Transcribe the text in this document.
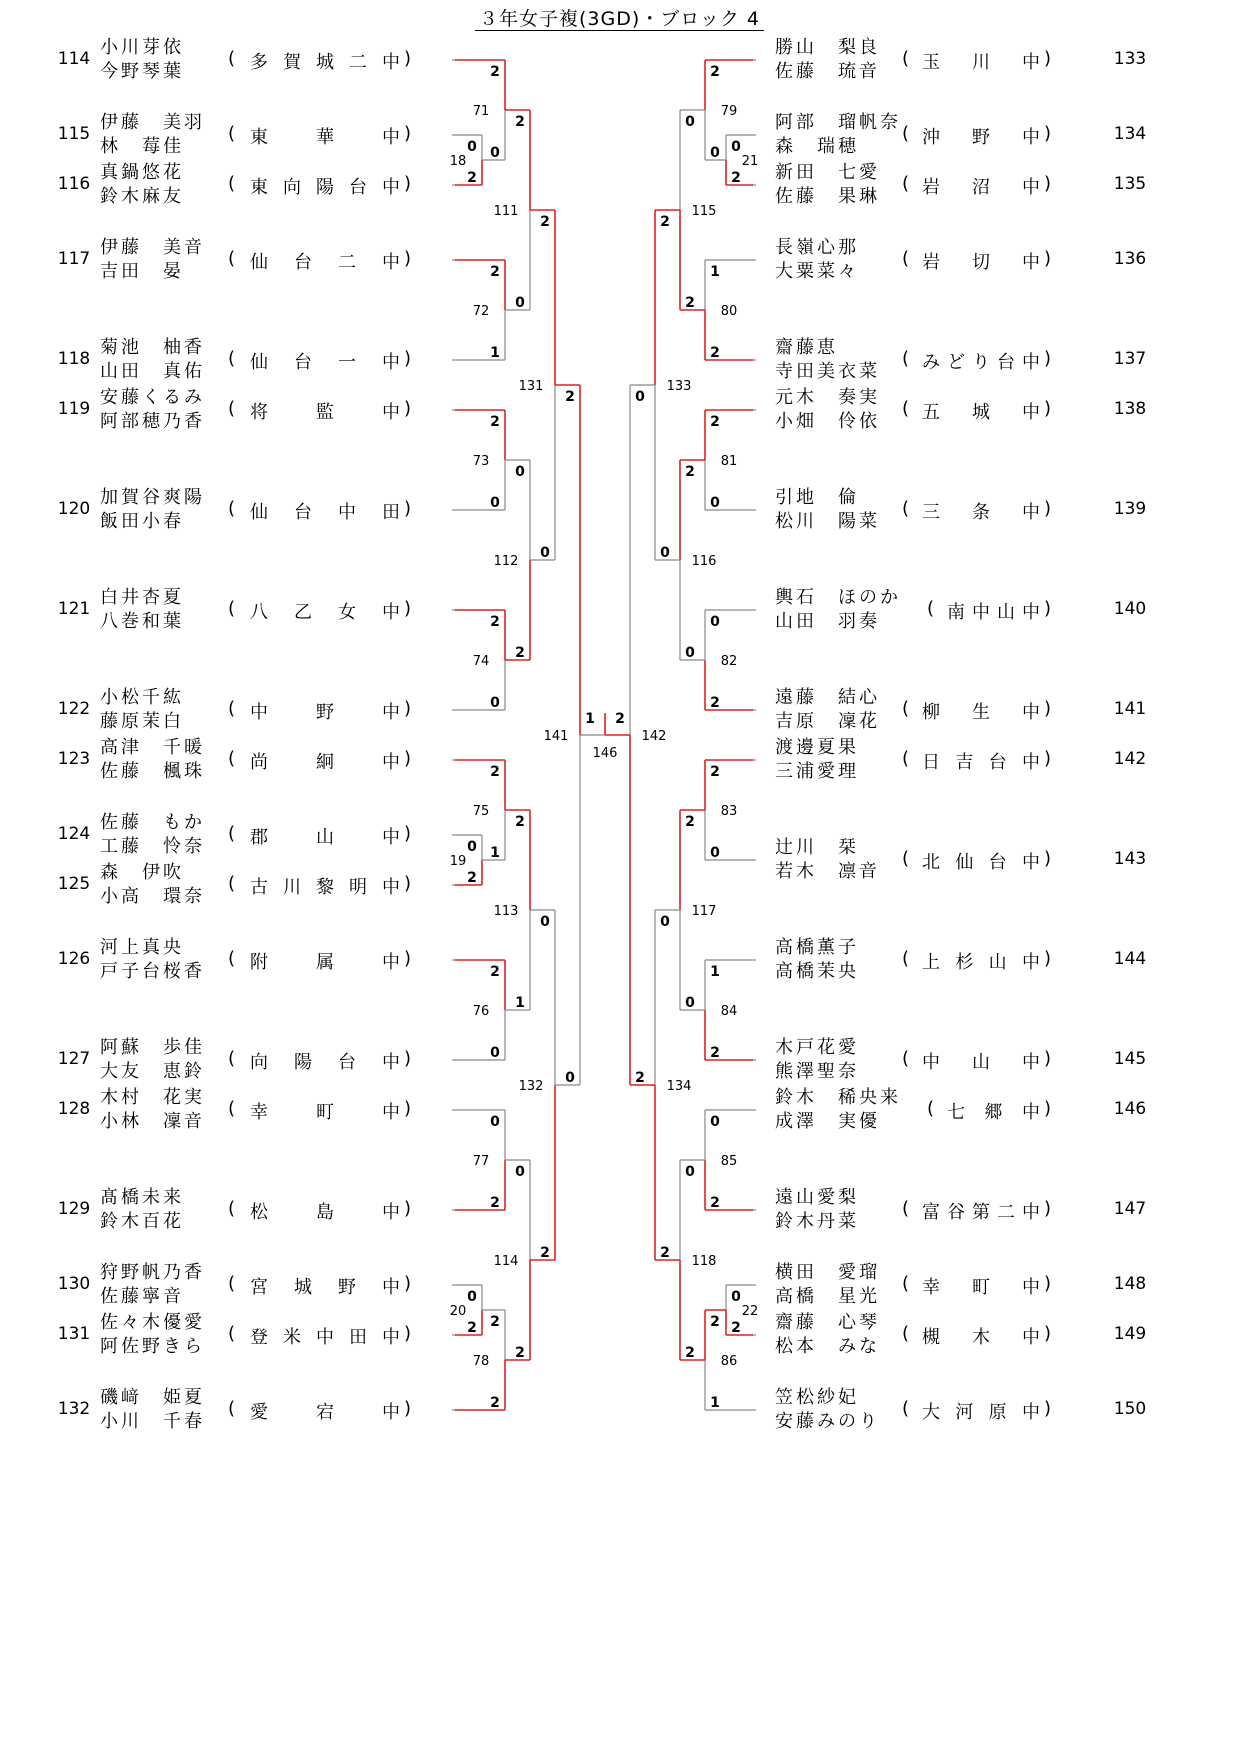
３年女子複(3GD)・ブロック 4
114
小川芽依
今野琴葉
( 多賀城二中 )
115
伊藤　美羽
林　莓佳
( 東華中 )
116
真鍋悠花
鈴木麻友
( 東向陽台中 )
117
伊藤　美音
吉田　晏
( 仙台二中 )
118
菊池　柚香
山田　真佑
( 仙台一中 )
119
安藤くるみ
阿部穂乃香
( 将監中 )
120
加賀谷爽陽
飯田小春
( 仙台中田 )
121
白井杏夏
八巻和葉
( 八乙女中 )
122
小松千紘
藤原茉白
( 中野中 )
123
高津　千暖
佐藤　楓珠
( 尚絅中 )
124
佐藤　もか
工藤　怜奈
( 郡山中 )
125
森　伊吹
小高　環奈
( 古川黎明中 )
126
河上真央
戸子台桜香
( 附属中 )
127
阿蘇　歩佳
大友　恵鈴
( 向陽台中 )
128
木村　花実
小林　凜音
( 幸町中 )
129
髙橋未来
鈴木百花
( 松島中 )
130
狩野帆乃香
佐藤寧音
( 宮城野中 )
131
佐々木優愛
阿佐野きら
( 登米中田中 )
132
磯﨑　姫夏
小川　千春
( 愛宕中 )
133
勝山　梨良
佐藤　琉音
( 玉川中 )
134
阿部　瑠帆奈
森　瑞穂
( 沖野中 )
135
新田　七愛
佐藤　果琳
( 岩沼中 )
136
長嶺心那
大粟菜々
( 岩切中 )
137
齋藤恵
寺田美衣菜
( みどり台中 )
138
元木　奏実
小畑　伶依
( 五城中 )
139
引地　倫
松川　陽菜
( 三条中 )
140
輿石　ほのか
山田　羽奏
( 南中山中 )
141
遠藤　結心
吉原　凜花
( 柳生中 )
142
渡邊夏果
三浦愛理
( 日吉台中 )
143
辻川　栞
若木　凛音
( 北仙台中 )
144
高橋薫子
高橋茉央
( 上杉山中 )
145
木戸花愛
熊澤聖奈
( 中山中 )
146
鈴木　稀央来
成澤　実優
( 七郷中 )
147
遠山愛梨
鈴木丹菜
( 富谷第二中 )
148
横田　愛瑠
高橋　星光
( 幸町中 )
149
齋藤　心琴
松本　みな
( 槻木中 )
150
笠松紗妃
安藤みのり
( 大河原中 )
0
2
18
0
2
19
0
2
20
0
2
21
0
2
22
2
0
71
2
1
72
2
0
73
2
0
74
2
1
75
2
0
76
0
2
77
2
2
78
2
0
79
1
2
80
2
0
81
0
2
82
2
0
83
1
2
84
0
2
85
2
1
86
2
0
111
0
2
112
2
1
113
0
2
114
0
2
115
2
0
116
2
0
117
0
2
118
2
0
131
0
2
132
2
0
133
0
2
134
2
0
141
0
2
142
1 2
146
